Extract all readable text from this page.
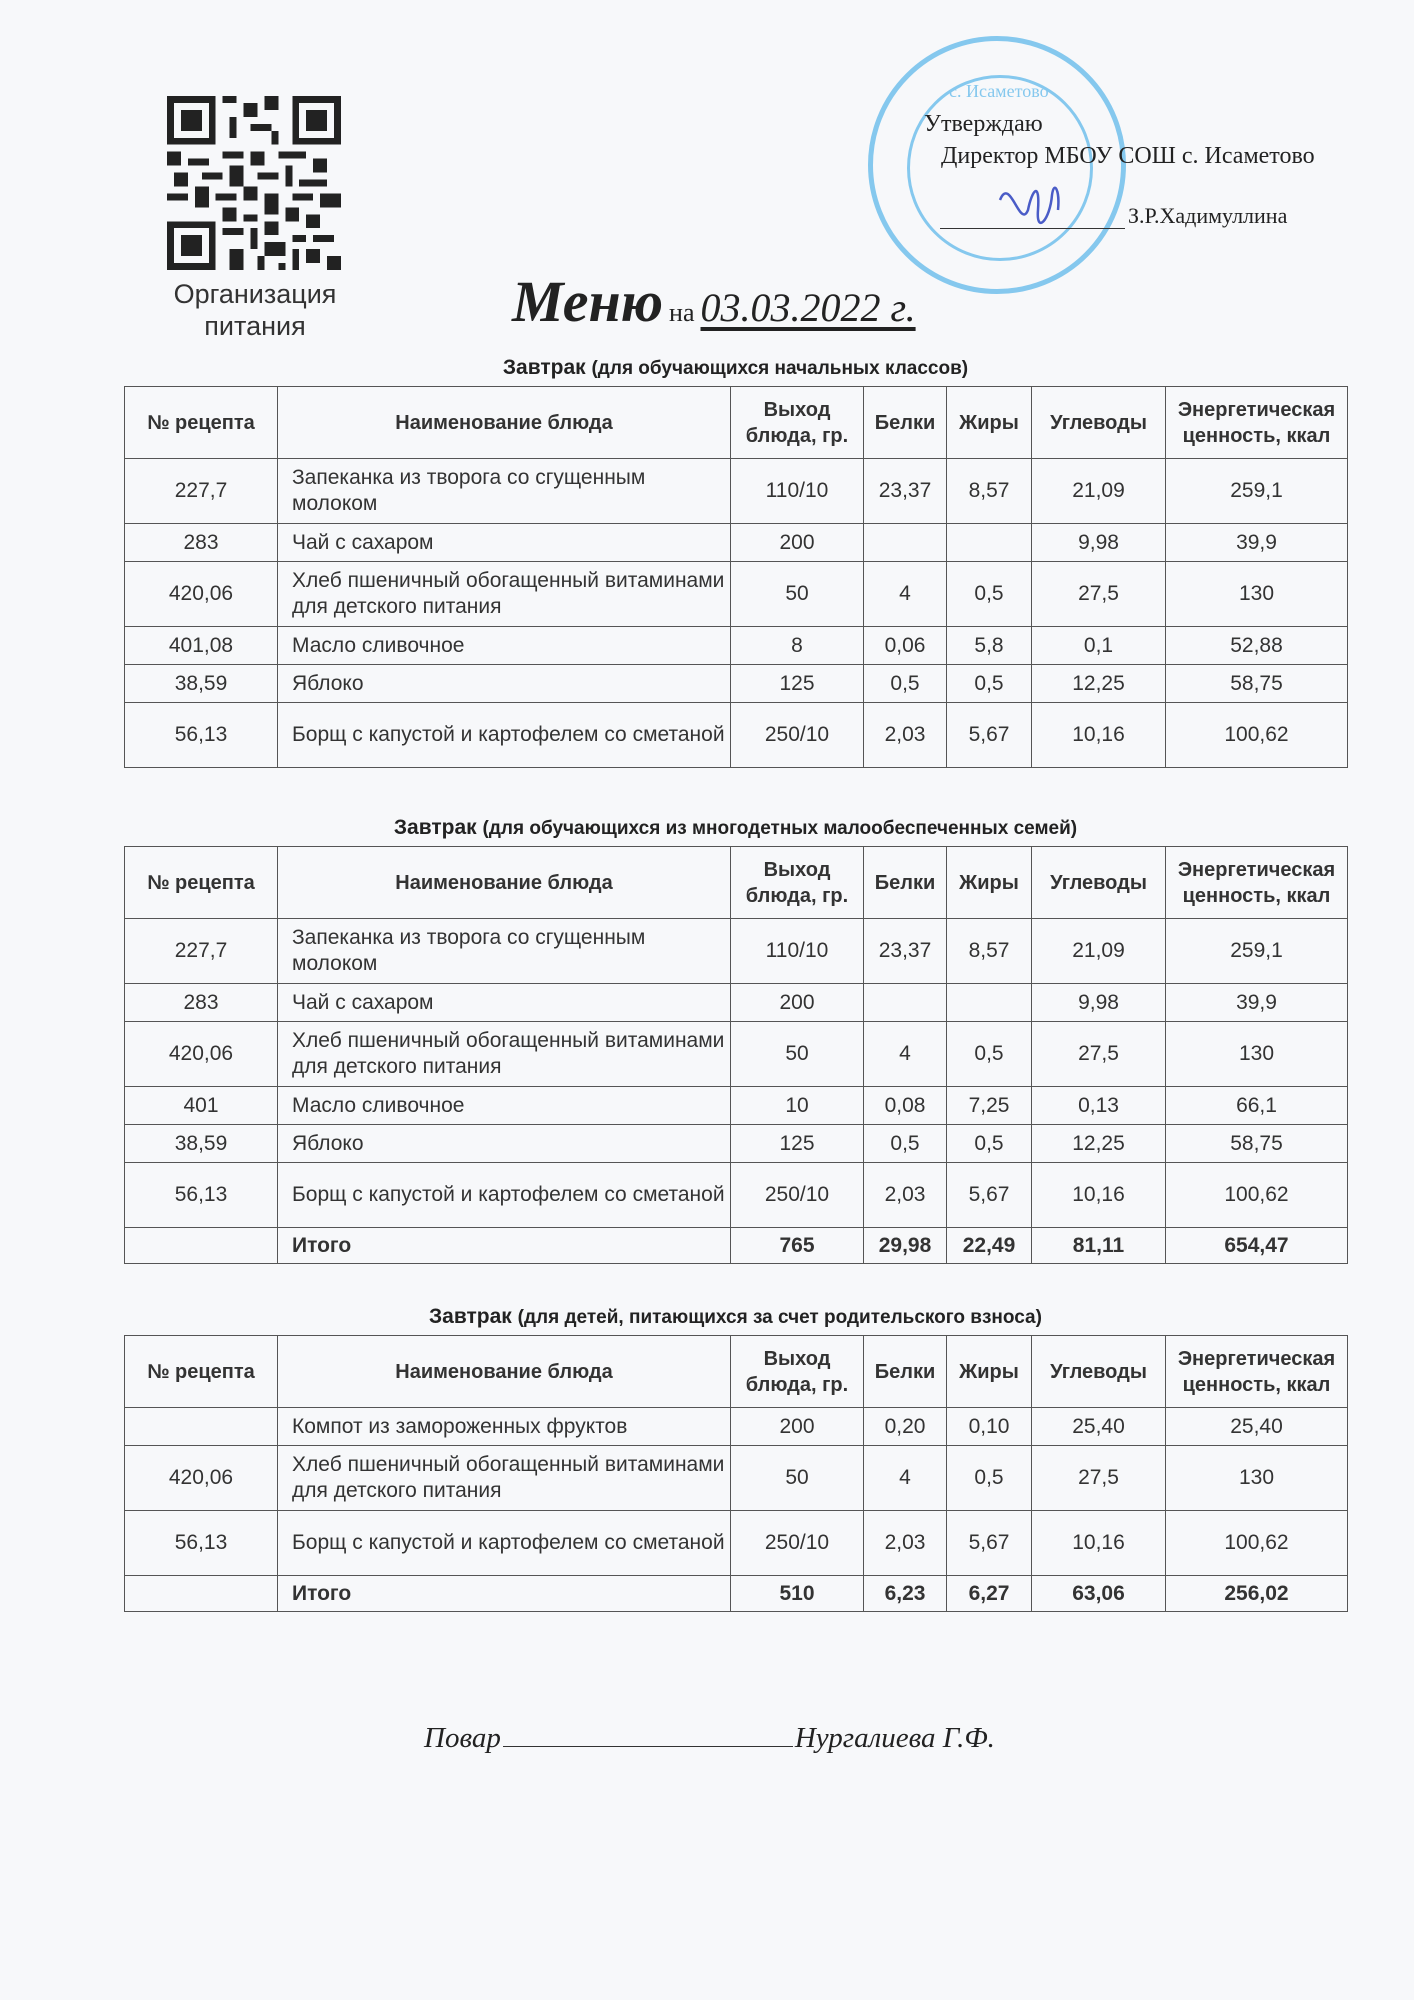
Организация
питания
с. Исаметово
Утверждаю
Директор МБОУ СОШ с. Исаметово
З.Р.Хадимуллина
Меню на 03.03.2022 г.
Завтрак (для обучающихся начальных классов)
№ рецепта	Наименование блюда	Выход блюда, гр.	Белки	Жиры	Углеводы	Энергетическая ценность, ккал
227,7	Запеканка из творога со сгущенным молоком	110/10	23,37	8,57	21,09	259,1
283	Чай с сахаром	200			9,98	39,9
420,06	Хлеб пшеничный обогащенный витаминами для детского питания	50	4	0,5	27,5	130
401,08	Масло сливочное	8	0,06	5,8	0,1	52,88
38,59	Яблоко	125	0,5	0,5	12,25	58,75
56,13	Борщ с капустой и картофелем со сметаной	250/10	2,03	5,67	10,16	100,62
Завтрак (для обучающихся из многодетных малообеспеченных семей)
№ рецепта	Наименование блюда	Выход блюда, гр.	Белки	Жиры	Углеводы	Энергетическая ценность, ккал
227,7	Запеканка из творога со сгущенным молоком	110/10	23,37	8,57	21,09	259,1
283	Чай с сахаром	200			9,98	39,9
420,06	Хлеб пшеничный обогащенный витаминами для детского питания	50	4	0,5	27,5	130
401	Масло сливочное	10	0,08	7,25	0,13	66,1
38,59	Яблоко	125	0,5	0,5	12,25	58,75
56,13	Борщ с капустой и картофелем со сметаной	250/10	2,03	5,67	10,16	100,62
	Итого	765	29,98	22,49	81,11	654,47
Завтрак (для детей, питающихся за счет родительского взноса)
№ рецепта	Наименование блюда	Выход блюда, гр.	Белки	Жиры	Углеводы	Энергетическая ценность, ккал
	Компот из замороженных фруктов	200	0,20	0,10	25,40	25,40
420,06	Хлеб пшеничный обогащенный витаминами для детского питания	50	4	0,5	27,5	130
56,13	Борщ с капустой и картофелем со сметаной	250/10	2,03	5,67	10,16	100,62
	Итого	510	6,23	6,27	63,06	256,02
Повар	Нургалиева Г.Ф.
